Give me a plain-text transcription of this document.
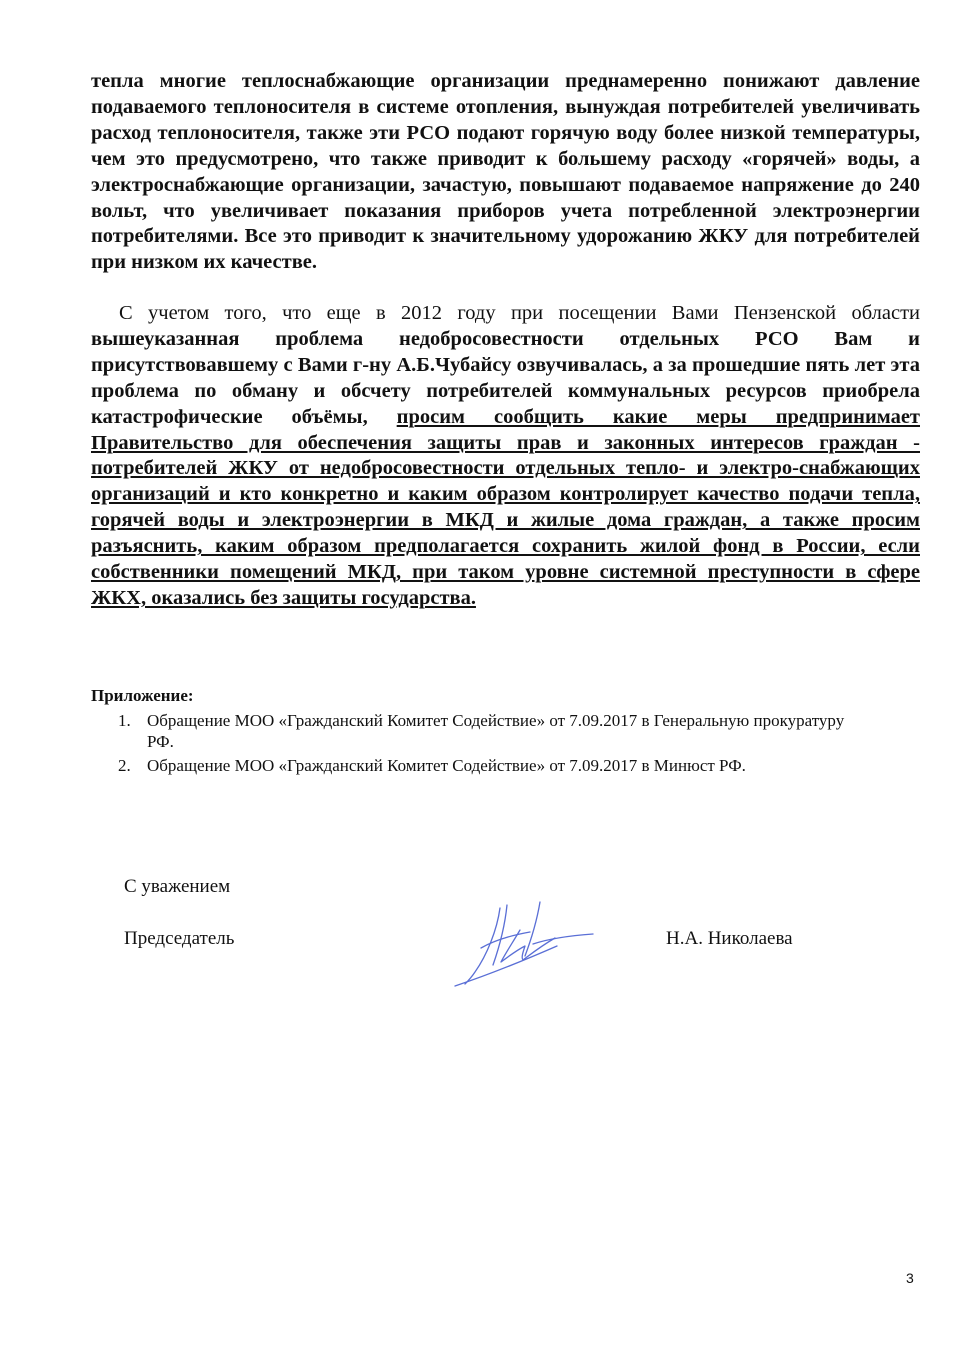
тепла многие теплоснабжающие организации преднамеренно понижают давление подаваемого теплоносителя в системе отопления, вынуждая потребителей увеличивать расход теплоносителя, также эти РСО подают горячую воду более низкой температуры, чем это предусмотрено, что также приводит к большему расходу «горячей» воды, а электроснабжающие организации, зачастую, повышают подаваемое напряжение до 240 вольт, что увеличивает показания приборов учета потребленной электроэнергии потребителями. Все это приводит к значительному удорожанию ЖКУ для потребителей при низком их качестве.

С учетом того, что еще в 2012 году при посещении Вами Пензенской области вышеуказанная проблема недобросовестности отдельных РСО Вам и присутствовавшему с Вами г-ну А.Б.Чубайсу озвучивалась, а за прошедшие пять лет эта проблема по обману и обсчету потребителей коммунальных ресурсов приобрела катастрофические объёмы, просим сообщить какие меры предпринимает Правительство для обеспечения защиты прав и законных интересов граждан - потребителей ЖКУ от недобросовестности отдельных тепло- и электро-снабжающих организаций и кто конкретно и каким образом контролирует качество подачи тепла, горячей воды и электроэнергии в МКД и жилые дома граждан, а также просим разъяснить, каким образом предполагается сохранить жилой фонд в России, если собственники помещений МКД, при таком уровне системной преступности в сфере ЖКХ, оказались без защиты государства.

Приложение:

1. Обращение МОО «Гражданский Комитет Содействие» от 7.09.2017 в Генеральную прокуратуру РФ.
2. Обращение МОО «Гражданский Комитет Содействие» от 7.09.2017 в Минюст РФ.

С уважением

Председатель	Н.А. Николаева

3
